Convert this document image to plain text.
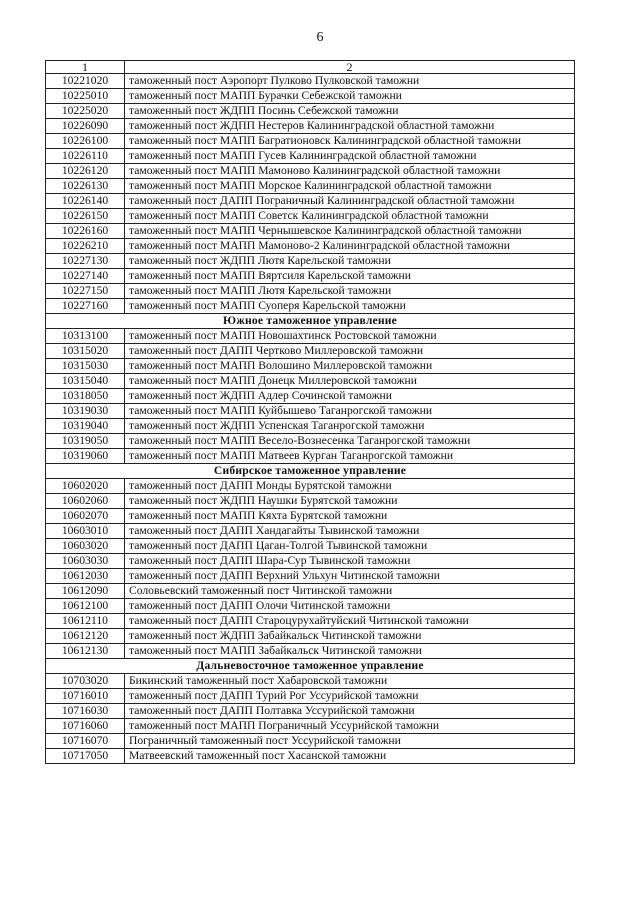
6
1	2
10221020	таможенный пост Аэропорт Пулково Пулковской таможни
10225010	таможенный пост МАПП Бурачки Себежской таможни
10225020	таможенный пост ЖДПП Посинь Себежской таможни
10226090	таможенный пост ЖДПП Нестеров Калининградской областной таможни
10226100	таможенный пост МАПП Багратионовск Калининградской областной таможни
10226110	таможенный пост МАПП Гусев Калининградской областной таможни
10226120	таможенный пост МАПП Мамоново Калининградской областной таможни
10226130	таможенный пост МАПП Морское Калининградской областной таможни
10226140	таможенный пост ДАПП Пограничный Калининградской областной таможни
10226150	таможенный пост МАПП Советск Калининградской областной таможни
10226160	таможенный пост МАПП Чернышевское Калининградской областной таможни
10226210	таможенный пост МАПП Мамоново-2 Калининградской областной таможни
10227130	таможенный пост ЖДПП Лютя Карельской таможни
10227140	таможенный пост МАПП Вяртсиля Карельской таможни
10227150	таможенный пост МАПП Лютя Карельской таможни
10227160	таможенный пост МАПП Суоперя Карельской таможни
Южное таможенное управление	
10313100	таможенный пост МАПП Новошахтинск Ростовской таможни
10315020	таможенный пост ДАПП Чертково Миллеровской таможни
10315030	таможенный пост МАПП Волошино Миллеровской таможни
10315040	таможенный пост МАПП Донецк Миллеровской таможни
10318050	таможенный пост ЖДПП Адлер Сочинской таможни
10319030	таможенный пост МАПП Куйбышево Таганрогской таможни
10319040	таможенный пост ЖДПП Успенская Таганрогской таможни
10319050	таможенный пост МАПП Весело-Вознесенка Таганрогской таможни
10319060	таможенный пост МАПП Матвеев Курган Таганрогской таможни
Сибирское таможенное управление	
10602020	таможенный пост ДАПП Монды Бурятской таможни
10602060	таможенный пост ЖДПП Наушки Бурятской таможни
10602070	таможенный пост МАПП Кяхта Бурятской таможни
10603010	таможенный пост ДАПП Хандагайты Тывинской таможни
10603020	таможенный пост ДАПП Цаган-Толгой Тывинской таможни
10603030	таможенный пост ДАПП Шара-Сур Тывинской таможни
10612030	таможенный пост ДАПП Верхний Ульхун Читинской таможни
10612090	Соловьевский таможенный пост Читинской таможни
10612100	таможенный пост ДАПП Олочи Читинской таможни
10612110	таможенный пост ДАПП Староцурухайтуйский Читинской таможни
10612120	таможенный пост ЖДПП Забайкальск Читинской таможни
10612130	таможенный пост МАПП Забайкальск Читинской таможни
Дальневосточное таможенное управление	
10703020	Бикинский таможенный пост Хабаровской таможни
10716010	таможенный пост ДАПП Турий Рог Уссурийской таможни
10716030	таможенный пост ДАПП Полтавка Уссурийской таможни
10716060	таможенный пост МАПП Пограничный Уссурийской таможни
10716070	Пограничный таможенный пост Уссурийской таможни
10717050	Матвеевский таможенный пост Хасанской таможни
